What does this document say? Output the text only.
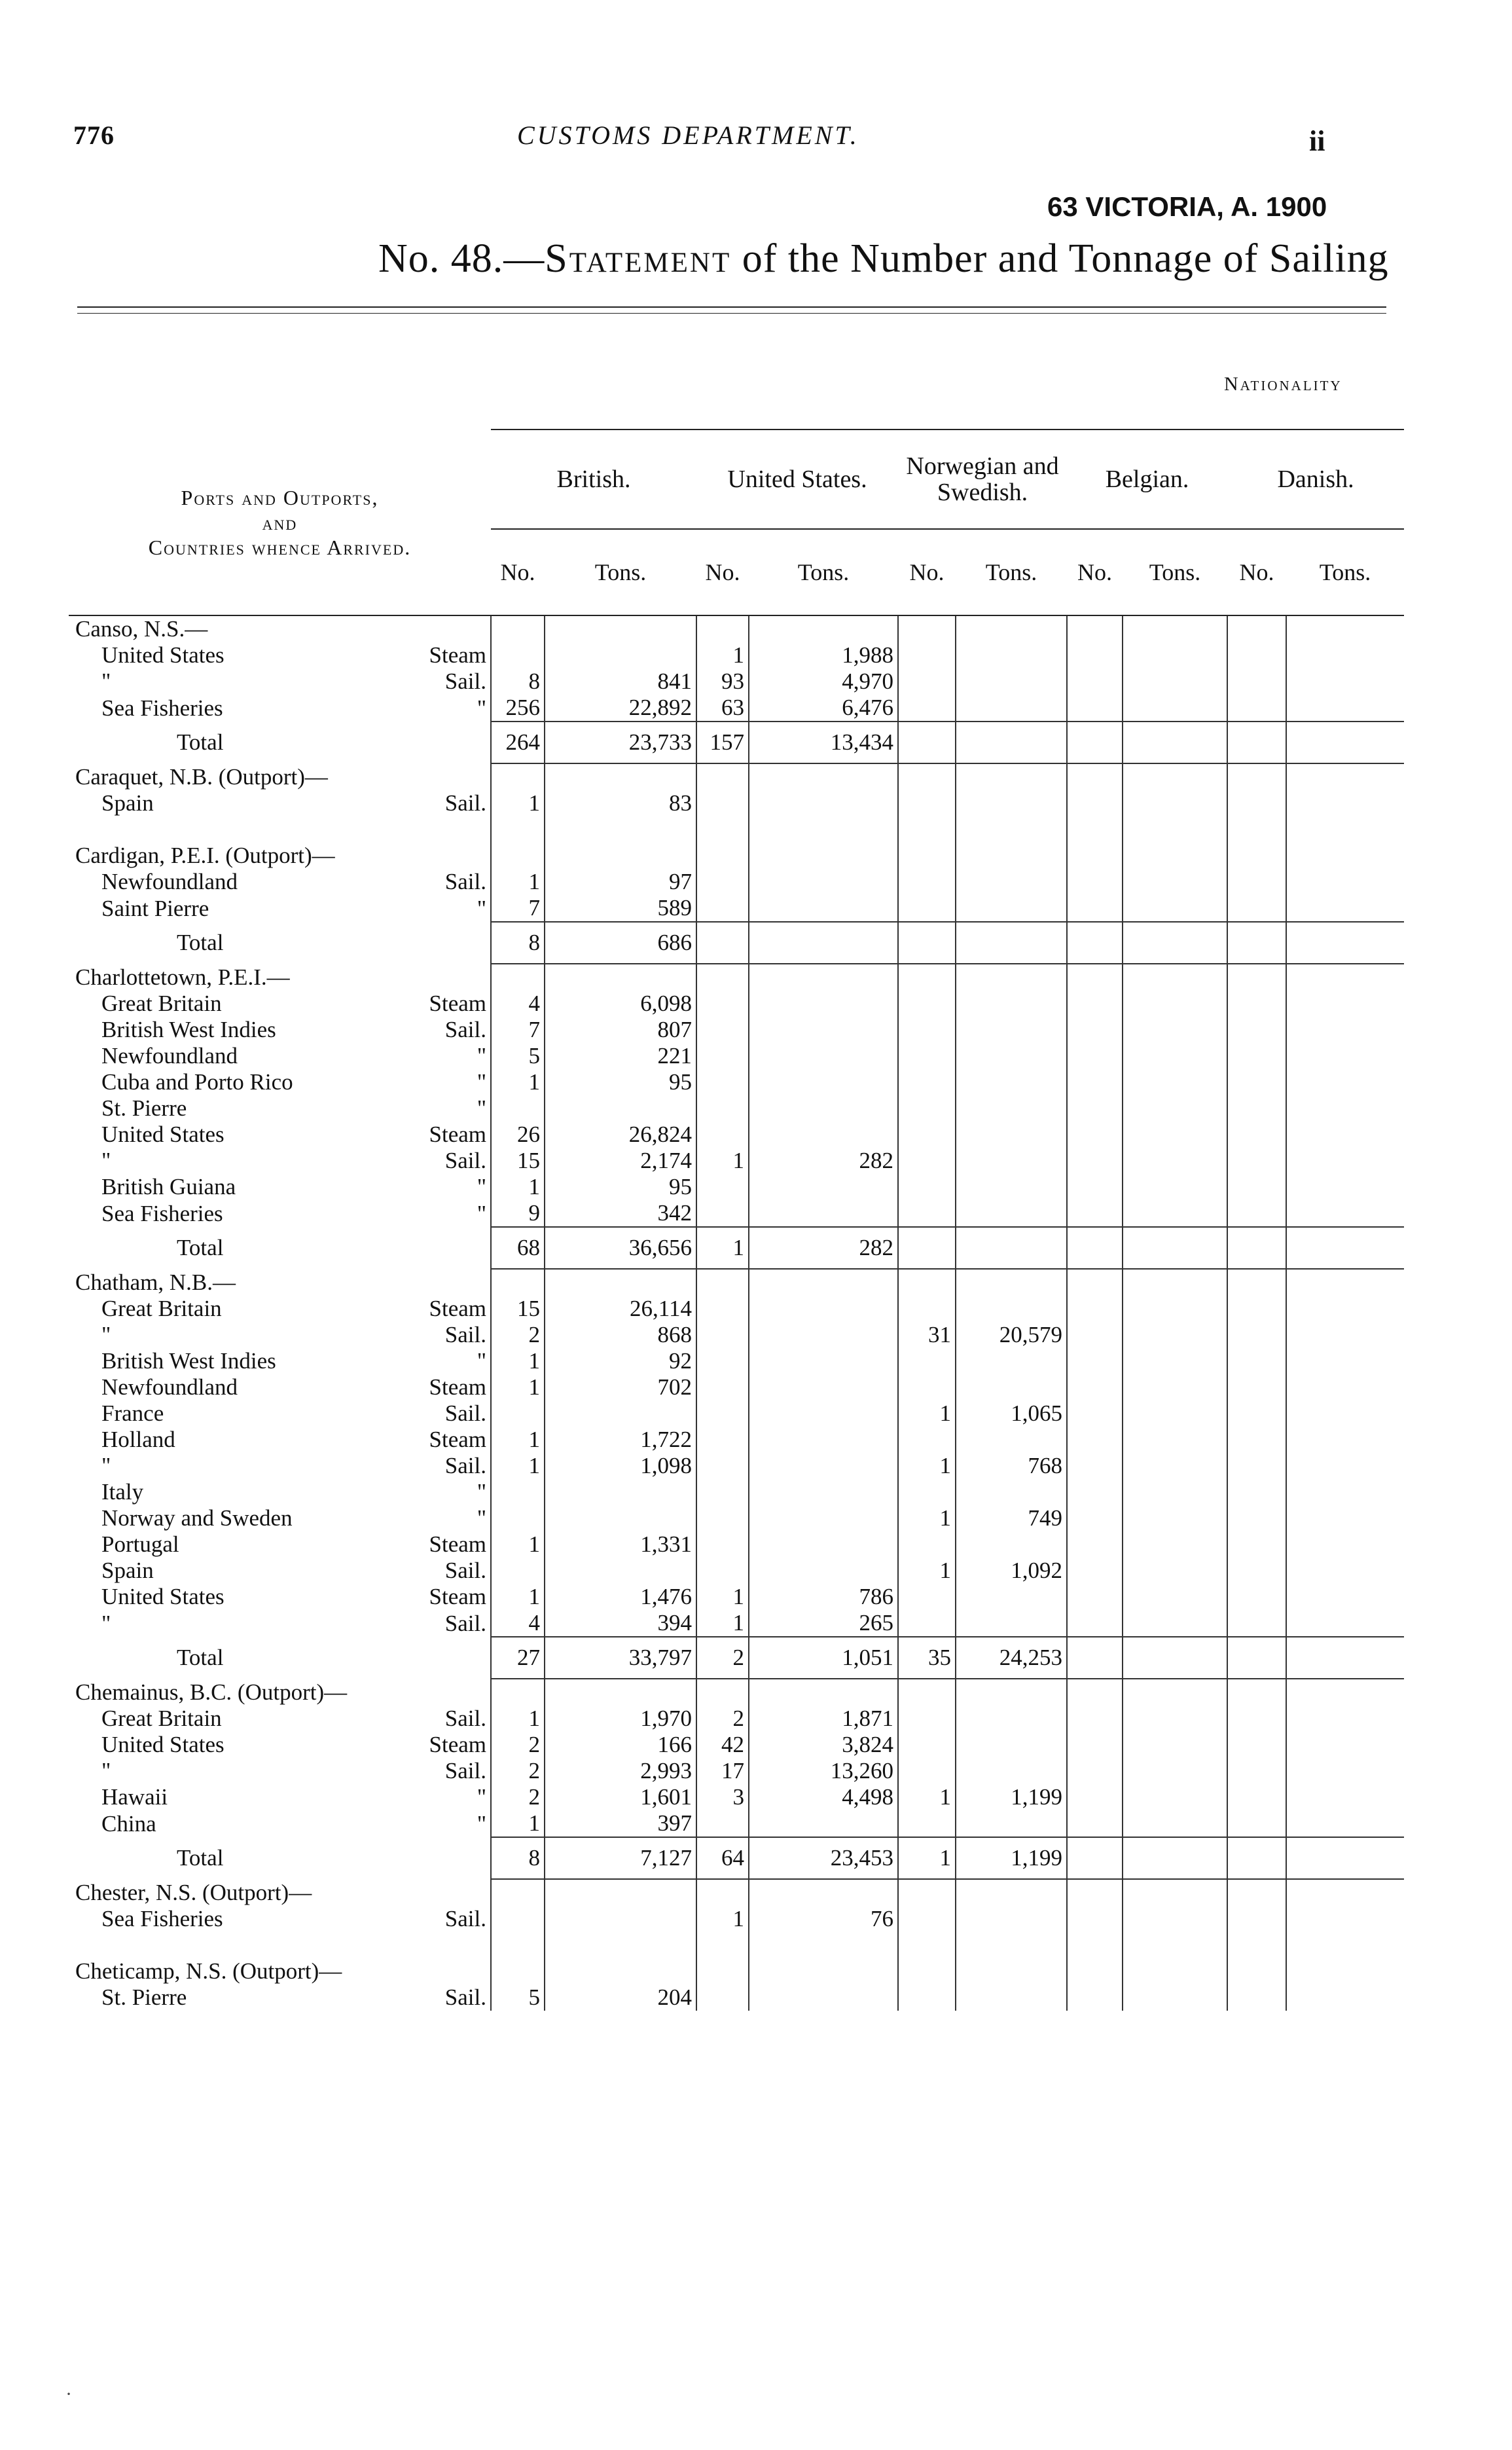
776	CUSTOMS DEPARTMENT.	ii
63 VICTORIA, A. 1900
No. 48.—Statement of the Number and Tonnage of Sailing
Nationality
Ports and Outports,
and
Countries whence Arrived.	British.		United States.		Norwegian and Swedish.		Belgian.		Danish.	
	No.	Tons.	No.	Tons.	No.	Tons.	No.	Tons.	No.	Tons.
Canso, N.S.—										
United States Steam			1	1,988						
" Sail.	8	841	93	4,970						
Sea Fisheries "	256	22,892	63	6,476						
Total	264	23,733	157	13,434						
Caraquet, N.B. (Outport)—										
Spain Sail.	1	83								

Cardigan, P.E.I. (Outport)—										
Newfoundland Sail.	1	97								
Saint Pierre "	7	589								
Total	8	686								
Charlottetown, P.E.I.—										
Great Britain Steam	4	6,098								
British West Indies Sail.	7	807								
Newfoundland "	5	221								
Cuba and Porto Rico "	1	95								
St. Pierre "										

United States Steam	26	26,824								
" Sail.	15	2,174	1	282						
British Guiana "	1	95								
Sea Fisheries "	9	342								
Total	68	36,656	1	282						
Chatham, N.B.—										
Great Britain Steam	15	26,114								
" Sail.	2	868			31	20,579				
British West Indies "	1	92								
Newfoundland Steam	1	702								
France Sail.					1	1,065				
Holland Steam	1	1,722								
" Sail.	1	1,098			1	768				
Italy "										

Norway and Sweden "					1	749				
Portugal Steam	1	1,331								
Spain Sail.					1	1,092				
United States Steam	1	1,476	1	786						
" Sail.	4	394	1	265						
Total	27	33,797	2	1,051	35	24,253				
Chemainus, B.C. (Outport)—										
Great Britain Sail.	1	1,970	2	1,871						
United States Steam	2	166	42	3,824						
" Sail.	2	2,993	17	13,260						
Hawaii "	2	1,601	3	4,498	1	1,199				
China "	1	397								
Total	8	7,127	64	23,453	1	1,199				
Chester, N.S. (Outport)—										
Sea Fisheries Sail.			1	76						

Cheticamp, N.S. (Outport)—										
St. Pierre Sail.	5	204								
·
